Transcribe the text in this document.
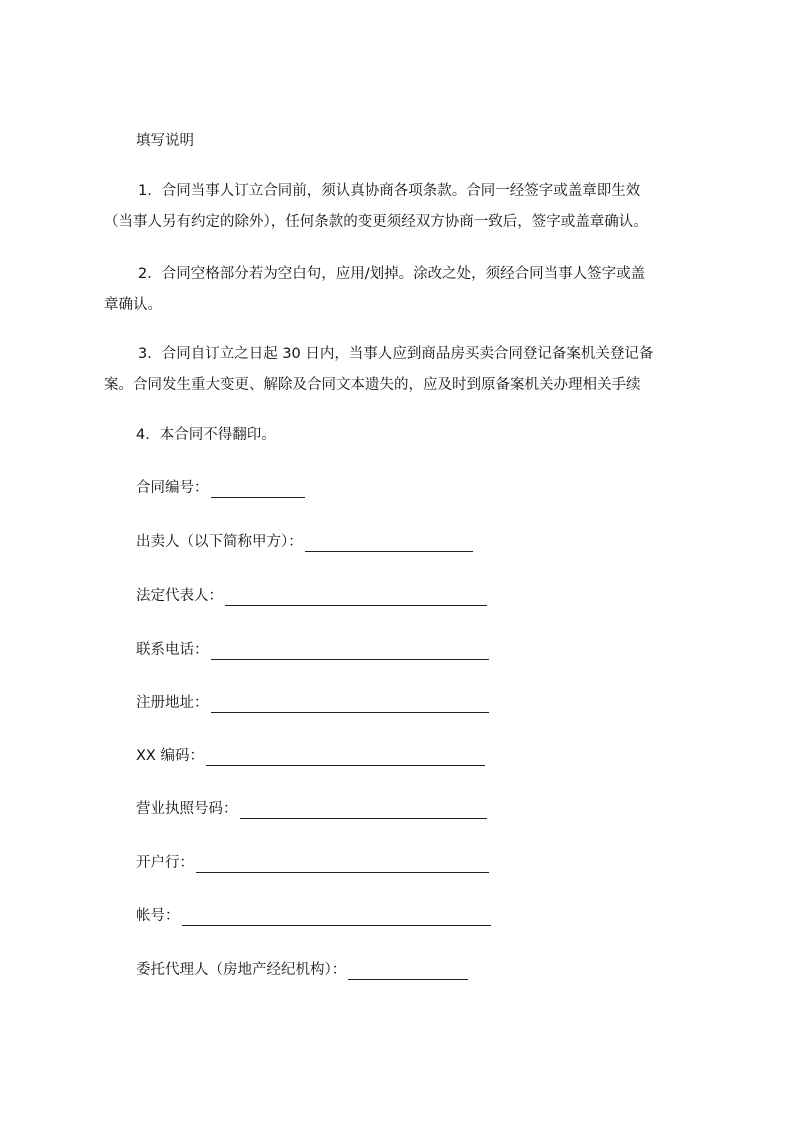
填写说明
1．合同当事人订立合同前，须认真协商各项条款。合同一经签字或盖章即生效
（当事人另有约定的除外），任何条款的变更须经双方协商一致后，签字或盖章确认。
2．合同空格部分若为空白句，应用/划掉。涂改之处，须经合同当事人签字或盖
章确认。
3．合同自订立之日起 30 日内，当事人应到商品房买卖合同登记备案机关登记备
案。合同发生重大变更、解除及合同文本遗失的，应及时到原备案机关办理相关手续
4．本合同不得翻印。
合同编号：
出卖人（以下简称甲方）：
法定代表人：
联系电话：
注册地址：
XX 编码：
营业执照号码：
开户行：
帐号：
委托代理人（房地产经纪机构）：
